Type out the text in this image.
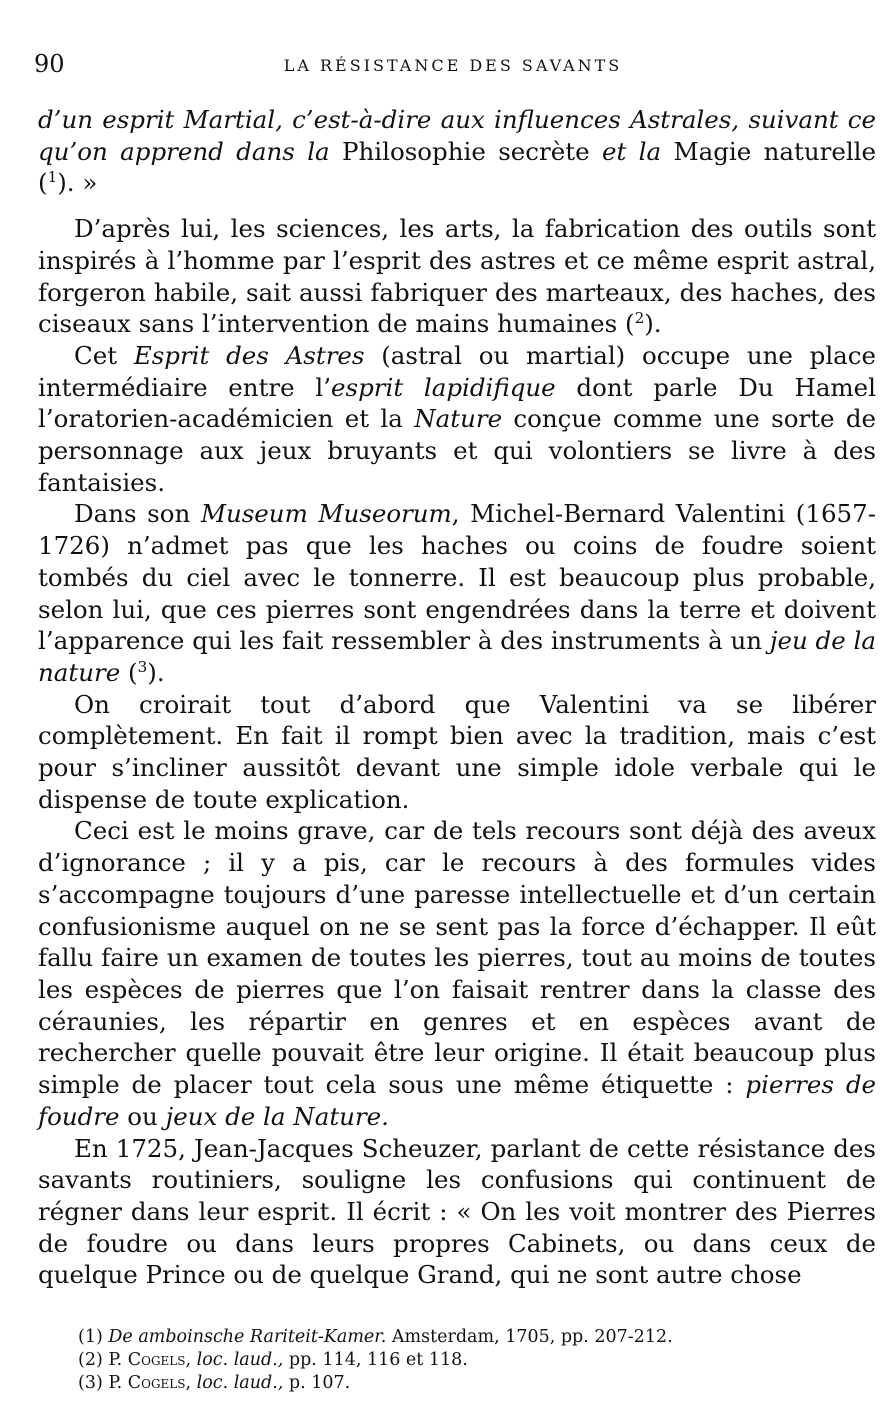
90	LA RÉSISTANCE DES SAVANTS

d’un esprit Martial, c’est-à-dire aux influences Astrales, suivant ce qu’on apprend dans la Philosophie secrète et la Magie naturelle ($^1$). »

D’après lui, les sciences, les arts, la fabrication des outils sont inspirés à l’homme par l’esprit des astres et ce même esprit astral, forgeron habile, sait aussi fabriquer des marteaux, des haches, des ciseaux sans l’intervention de mains humaines ($^2$).

Cet Esprit des Astres (astral ou martial) occupe une place intermédiaire entre l’esprit lapidifique dont parle Du Hamel l’oratorien-académicien et la Nature conçue comme une sorte de personnage aux jeux bruyants et qui volontiers se livre à des fantaisies.

Dans son Museum Museorum, Michel-Bernard Valentini (1657-1726) n’admet pas que les haches ou coins de foudre soient tombés du ciel avec le tonnerre. Il est beaucoup plus probable, selon lui, que ces pierres sont engendrées dans la terre et doivent l’apparence qui les fait ressembler à des instruments à un jeu de la nature ($^3$).

On croirait tout d’abord que Valentini va se libérer complètement. En fait il rompt bien avec la tradition, mais c’est pour s’incliner aussitôt devant une simple idole verbale qui le dispense de toute explication.

Ceci est le moins grave, car de tels recours sont déjà des aveux d’ignorance ; il y a pis, car le recours à des formules vides s’accompagne toujours d’une paresse intellectuelle et d’un certain confusionisme auquel on ne se sent pas la force d’échapper. Il eût fallu faire un examen de toutes les pierres, tout au moins de toutes les espèces de pierres que l’on faisait rentrer dans la classe des céraunies, les répartir en genres et en espèces avant de rechercher quelle pouvait être leur origine. Il était beaucoup plus simple de placer tout cela sous une même étiquette : pierres de foudre ou jeux de la Nature.

En 1725, Jean-Jacques Scheuzer, parlant de cette résistance des savants routiniers, souligne les confusions qui continuent de régner dans leur esprit. Il écrit : « On les voit montrer des Pierres de foudre ou dans leurs propres Cabinets, ou dans ceux de quelque Prince ou de quelque Grand, qui ne sont autre chose

(1) De amboinsche Rariteit-Kamer. Amsterdam, 1705, pp. 207-212.
(2) P. Cogels, loc. laud., pp. 114, 116 et 118.
(3) P. Cogels, loc. laud., p. 107.
